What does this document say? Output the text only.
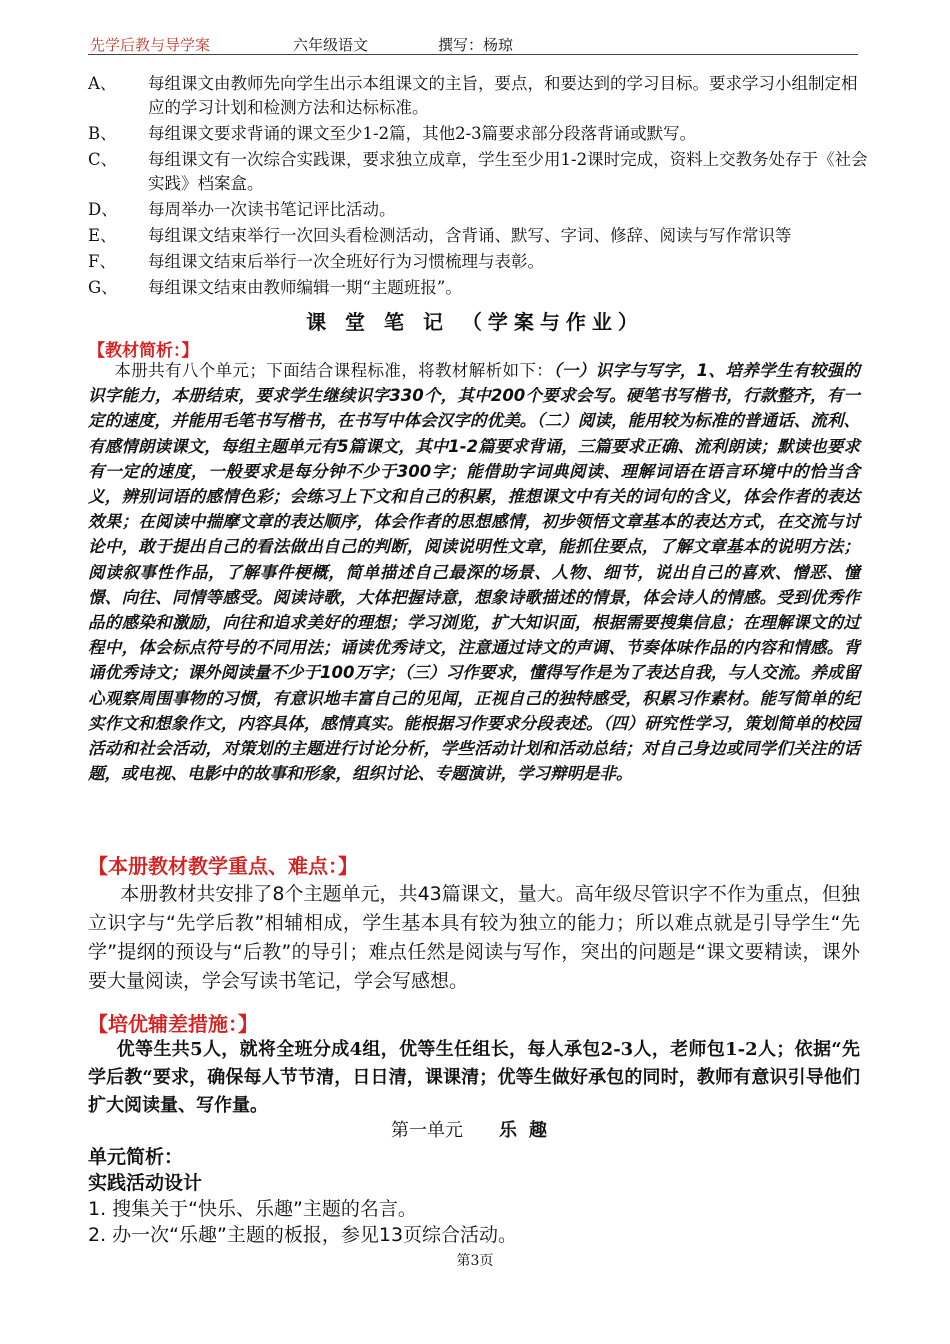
先学后教与导学案	六年级语文	撰写：杨琼
A、	每组课文由教师先向学生出示本组课文的主旨，要点，和要达到的学习目标。要求学习小组制定相应的学习计划和检测方法和达标标准。
B、	每组课文要求背诵的课文至少1-2篇，其他2-3篇要求部分段落背诵或默写。
C、	每组课文有一次综合实践课，要求独立成章，学生至少用1-2课时完成，资料上交教务处存于《社会实践》档案盒。
D、	每周举办一次读书笔记评比活动。
E、	每组课文结束举行一次回头看检测活动，含背诵、默写、字词、修辞、阅读与写作常识等
F、	每组课文结束后举行一次全班好行为习惯梳理与表彰。
G、	每组课文结束由教师编辑一期“主题班报”。
课 堂 笔 记 （学案与作业）
【教材简析：】
本册共有八个单元；下面结合课程标准，将教材解析如下：（一）识字与写字，1、培养学生有较强的识字能力，本册结束，要求学生继续识字330个，其中200个要求会写。硬笔书写楷书，行款整齐，有一定的速度，并能用毛笔书写楷书，在书写中体会汉字的优美。（二）阅读，能用较为标准的普通话、流利、有感情朗读课文，每组主题单元有5篇课文，其中1-2篇要求背诵，三篇要求正确、流利朗读；默读也要求有一定的速度，一般要求是每分钟不少于300字；能借助字词典阅读、理解词语在语言环境中的恰当含义，辨别词语的感情色彩；会练习上下文和自己的积累，推想课文中有关的词句的含义，体会作者的表达效果；在阅读中揣摩文章的表达顺序，体会作者的思想感情，初步领悟文章基本的表达方式，在交流与讨论中，敢于提出自己的看法做出自己的判断，阅读说明性文章，能抓住要点，了解文章基本的说明方法；阅读叙事性作品，了解事件梗概，简单描述自己最深的场景、人物、细节，说出自己的喜欢、憎恶、憧憬、向往、同情等感受。阅读诗歌，大体把握诗意，想象诗歌描述的情景，体会诗人的情感。受到优秀作品的感染和激励，向往和追求美好的理想；学习浏览，扩大知识面，根据需要搜集信息；在理解课文的过程中，体会标点符号的不同用法；诵读优秀诗文，注意通过诗文的声调、节奏体味作品的内容和情感。背诵优秀诗文；课外阅读量不少于100万字；（三）习作要求，懂得写作是为了表达自我，与人交流。养成留心观察周围事物的习惯，有意识地丰富自己的见闻，正视自己的独特感受，积累习作素材。能写简单的纪实作文和想象作文，内容具体，感情真实。能根据习作要求分段表述。（四）研究性学习，策划简单的校园活动和社会活动，对策划的主题进行讨论分析，学些活动计划和活动总结；对自己身边或同学们关注的话题，或电视、电影中的故事和形象，组织讨论、专题演讲，学习辩明是非。
【本册教材教学重点、难点：】
本册教材共安排了8个主题单元，共43篇课文，量大。高年级尽管识字不作为重点，但独立识字与“先学后教”相辅相成，学生基本具有较为独立的能力；所以难点就是引导学生“先学”提纲的预设与“后教”的导引；难点任然是阅读与写作，突出的问题是“课文要精读，课外要大量阅读，学会写读书笔记，学会写感想。
【培优辅差措施：】
优等生共5人，就将全班分成4组，优等生任组长，每人承包2-3人，老师包1-2人；依据“先学后教“要求，确保每人节节清，日日清，课课清；优等生做好承包的同时，教师有意识引导他们扩大阅读量、写作量。
第一单元 乐趣
单元简析：
实践活动设计
1. 搜集关于“快乐、乐趣”主题的名言。
2. 办一次“乐趣”主题的板报，参见13页综合活动。
第3页
